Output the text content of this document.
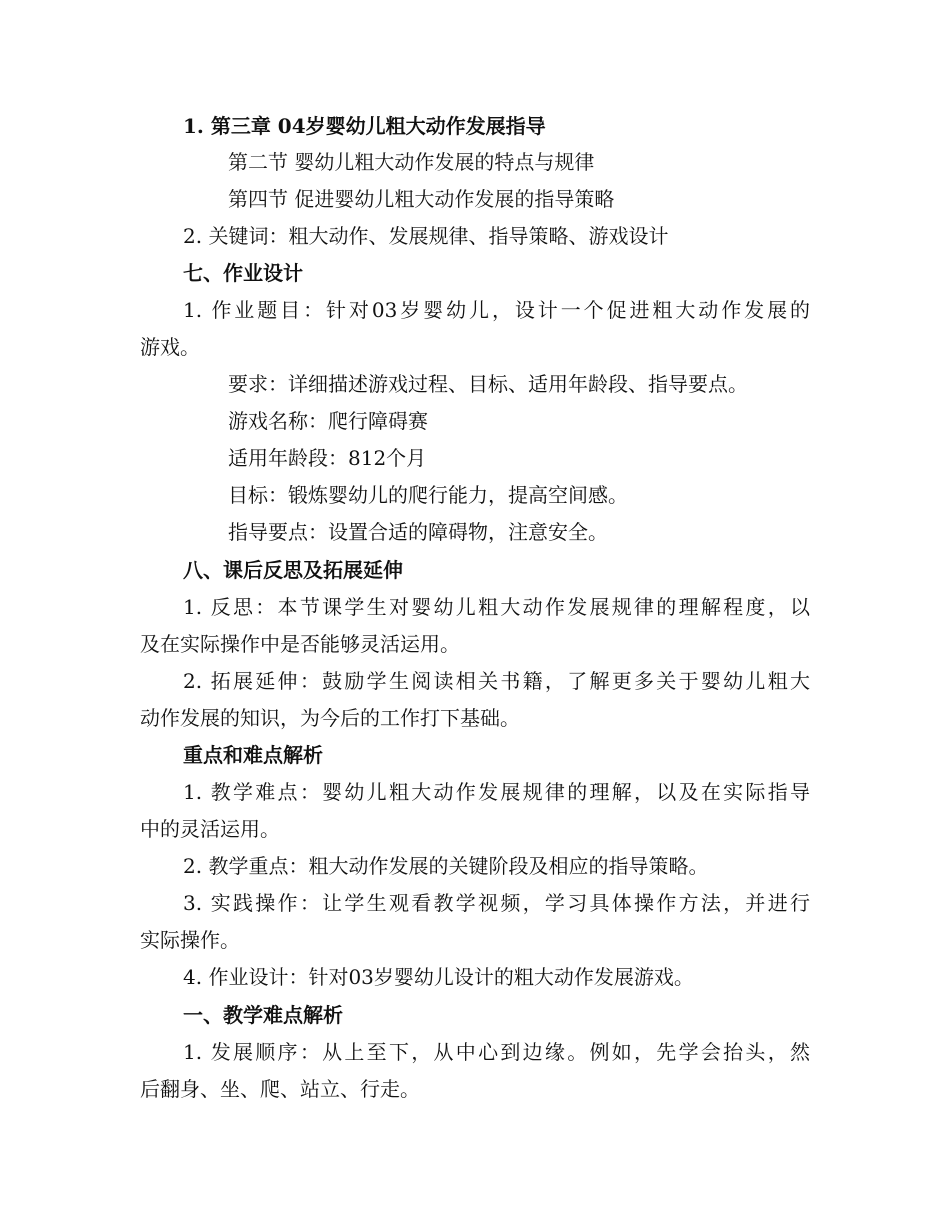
1. 第三章 04岁婴幼儿粗大动作发展指导
第二节 婴幼儿粗大动作发展的特点与规律
第四节 促进婴幼儿粗大动作发展的指导策略
2. 关键词：粗大动作、发展规律、指导策略、游戏设计
七、作业设计
1. 作业题目：针对03岁婴幼儿，设计一个促进粗大动作发展的
游戏。
要求：详细描述游戏过程、目标、适用年龄段、指导要点。
游戏名称：爬行障碍赛
适用年龄段：812个月
目标：锻炼婴幼儿的爬行能力，提高空间感。
指导要点：设置合适的障碍物，注意安全。
八、课后反思及拓展延伸
1. 反思：本节课学生对婴幼儿粗大动作发展规律的理解程度，以
及在实际操作中是否能够灵活运用。
2. 拓展延伸：鼓励学生阅读相关书籍，了解更多关于婴幼儿粗大
动作发展的知识，为今后的工作打下基础。
重点和难点解析
1. 教学难点：婴幼儿粗大动作发展规律的理解，以及在实际指导
中的灵活运用。
2. 教学重点：粗大动作发展的关键阶段及相应的指导策略。
3. 实践操作：让学生观看教学视频，学习具体操作方法，并进行
实际操作。
4. 作业设计：针对03岁婴幼儿设计的粗大动作发展游戏。
一、教学难点解析
1. 发展顺序：从上至下，从中心到边缘。例如，先学会抬头，然
后翻身、坐、爬、站立、行走。
